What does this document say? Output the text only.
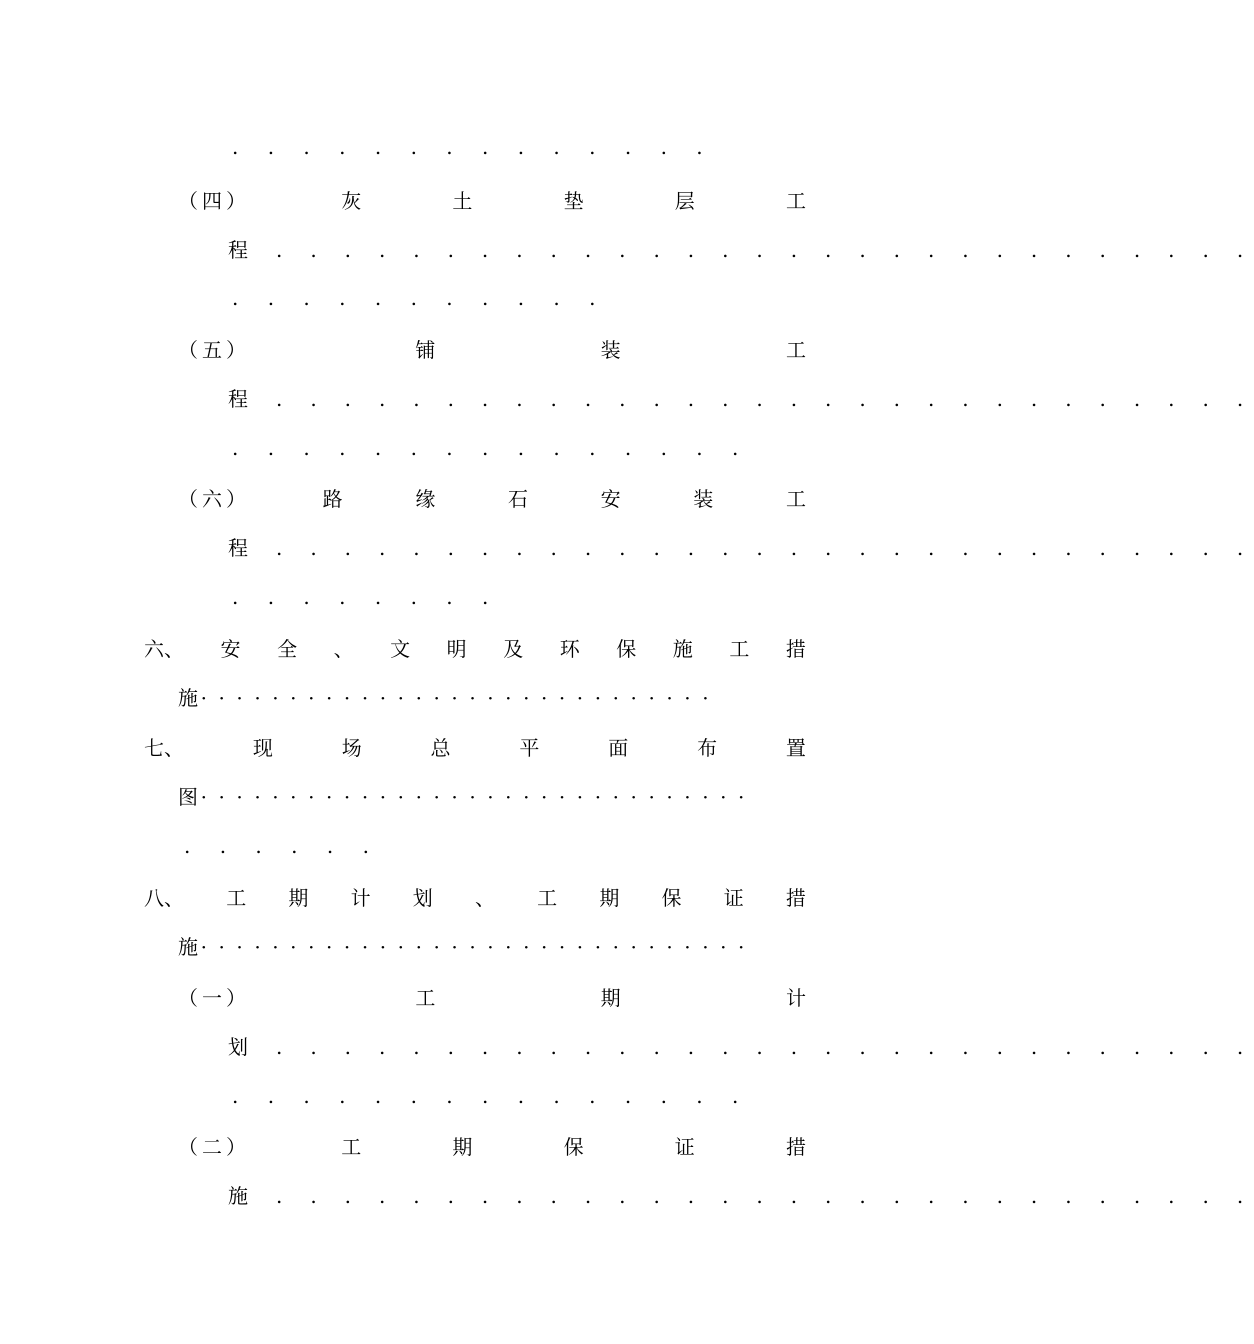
. . . . . . . . . . . . . .
（四）	灰	土	垫	层	工
程 . . . . . . . . . . . . . . . . . . . . . . . . . . . . .
. . . . . . . . . . .
（五）	铺	装	工
程 . . . . . . . . . . . . . . . . . . . . . . . . . . . . .
. . . . . . . . . . . . . . .
（六）	路	缘	石	安	装	工
程 . . . . . . . . . . . . . . . . . . . . . . . . . . . . .
. . . . . . . .
六、 安 全 、 文 明 及 环 保 施 工 措
施· · · · · · · · · · · · · · · · · · · · · · · · · · · · ·
七、	现	场	总	平	面	布	置
图· · · · · · · · · · · · · · · · · · · · · · · · · · · · · · ·
. . . . . .
八、 工 期 计 划 、 工 期 保 证 措
施· · · · · · · · · · · · · · · · · · · · · · · · · · · · · · ·
（一）	工	期	计
划 . . . . . . . . . . . . . . . . . . . . . . . . . . . . .
. . . . . . . . . . . . . . .
（二）	工	期	保	证	措
施 . . . . . . . . . . . . . . . . . . . . . . . . . . . . .
